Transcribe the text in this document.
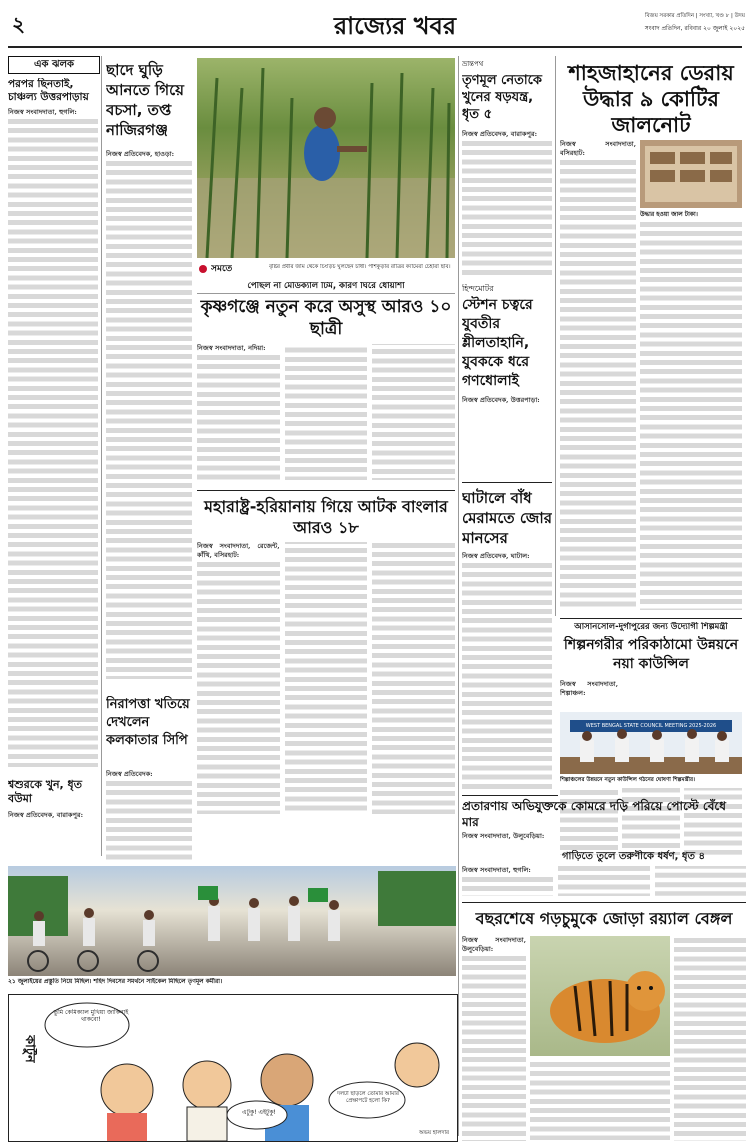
২	রাজ্যের খবর	বিজয় সরকার প্রতিদিন | সংখ্যা, খণ্ড ৮ | উদয়
সংবাদ প্রতিদিন, রবিবার ২০ জুলাই ২০২৫
এক ঝলক
পরপর ছিনতাই, চাঞ্চল্য উত্তরপাড়ায়
নিজস্ব সংবাদদাতা, হুগলি:
শ্বশুরকে খুন, ধৃত বউমা
নিজস্ব প্রতিবেদক, বারাকপুর:
ছাদে ঘুড়ি আনতে গিয়ে বচসা, তপ্ত নাজিরগঞ্জ
নিজস্ব প্রতিবেদক, হাওড়া:
সমতে	বৃষ্টির প্রবীর জমি থেকে চিংড়িচ ঘুলছেন চাষী। পাঁশকুড়ার রাত্রির ক্যামেরা চেহারা ছবি।
পৌঁছল না মেডিক্যাল টিম, কারণ ঘিরে ধোঁয়াশা
কৃষ্ণগঞ্জে নতুন করে অসুস্থ আরও ১০ ছাত্রী
নিজস্ব সংবাদদাতা, নদিয়া:
হিন্দমোটর
স্টেশন চত্বরে যুবতীর শ্লীলতাহানি, যুবককে ধরে গণধোলাই
নিজস্ব প্রতিবেদক, উত্তরপাড়া:
ভ্রান্তপথ
তৃণমূল নেতাকে খুনের ষড়যন্ত্র, ধৃত ৫
নিজস্ব প্রতিবেদক, বারাকপুর:
শাহজাহানের ডেরায় উদ্ধার ৯ কোটির জালনোট
উদ্ধার হওয়া জাল টাকা।
নিজস্ব সংবাদদাতা, বসিরহাট:
মহারাষ্ট্র-হরিয়ানায় গিয়ে আটক বাংলার আরও ১৮
নিজস্ব সংবাদদাতা, রেজেন্ট, কাঁথি, বসিরহাট:
নিরাপত্তা খতিয়ে দেখলেন কলকাতার সিপি
নিজস্ব প্রতিবেদক:
ঘাটালে বাঁধ মেরামতে জোর মানসের
নিজস্ব প্রতিবেদক, ঘাটাল:
আসানসোল-দুর্গাপুরের জন্য উদ্যোগী শিল্পমন্ত্রী
শিল্পনগরীর পরিকাঠামো উন্নয়নে নয়া কাউন্সিল
নিজস্ব সংবাদদাতা, শিল্পাঞ্চল:
WEST BENGAL STATE COUNCIL MEETING 2025-2026
শিল্পাঞ্চলের উন্নয়নে নতুন কাউন্সিল গঠনের ঘোষণা শিল্পমন্ত্রীর।
প্রতারণায় অভিযুক্তকে কোমরে দড়ি পরিয়ে পোস্টে বেঁধে মার
নিজস্ব সংবাদদাতা, উলুবেড়িয়া:
গাড়িতে তুলে তরুণীকে ধর্ষণ, ধৃত ৪
নিজস্ব সংবাদদাতা, হুগলি:
২১ জুলাইয়ের প্রস্তুতি নিয়ে মিছিল। শহিদ দিবসের সমর্থনে সাইকেল মিছিলে তৃণমূল কর্মীরা।
বছরশেষে গড়চুমুকে জোড়া রয়্যাল বেঙ্গল
নিজস্ব সংবাদদাতা, উলুবেড়িয়া:
কার্টুন
তুমি কেমিক্যাল মুখিয়া জাকিনাই থাকবো!
এটুকু! এইটুকু!
দলটা ছাড়লে তোমার আমার প্রেক্ষাপটে হলো কি?
অভয় হালদার
